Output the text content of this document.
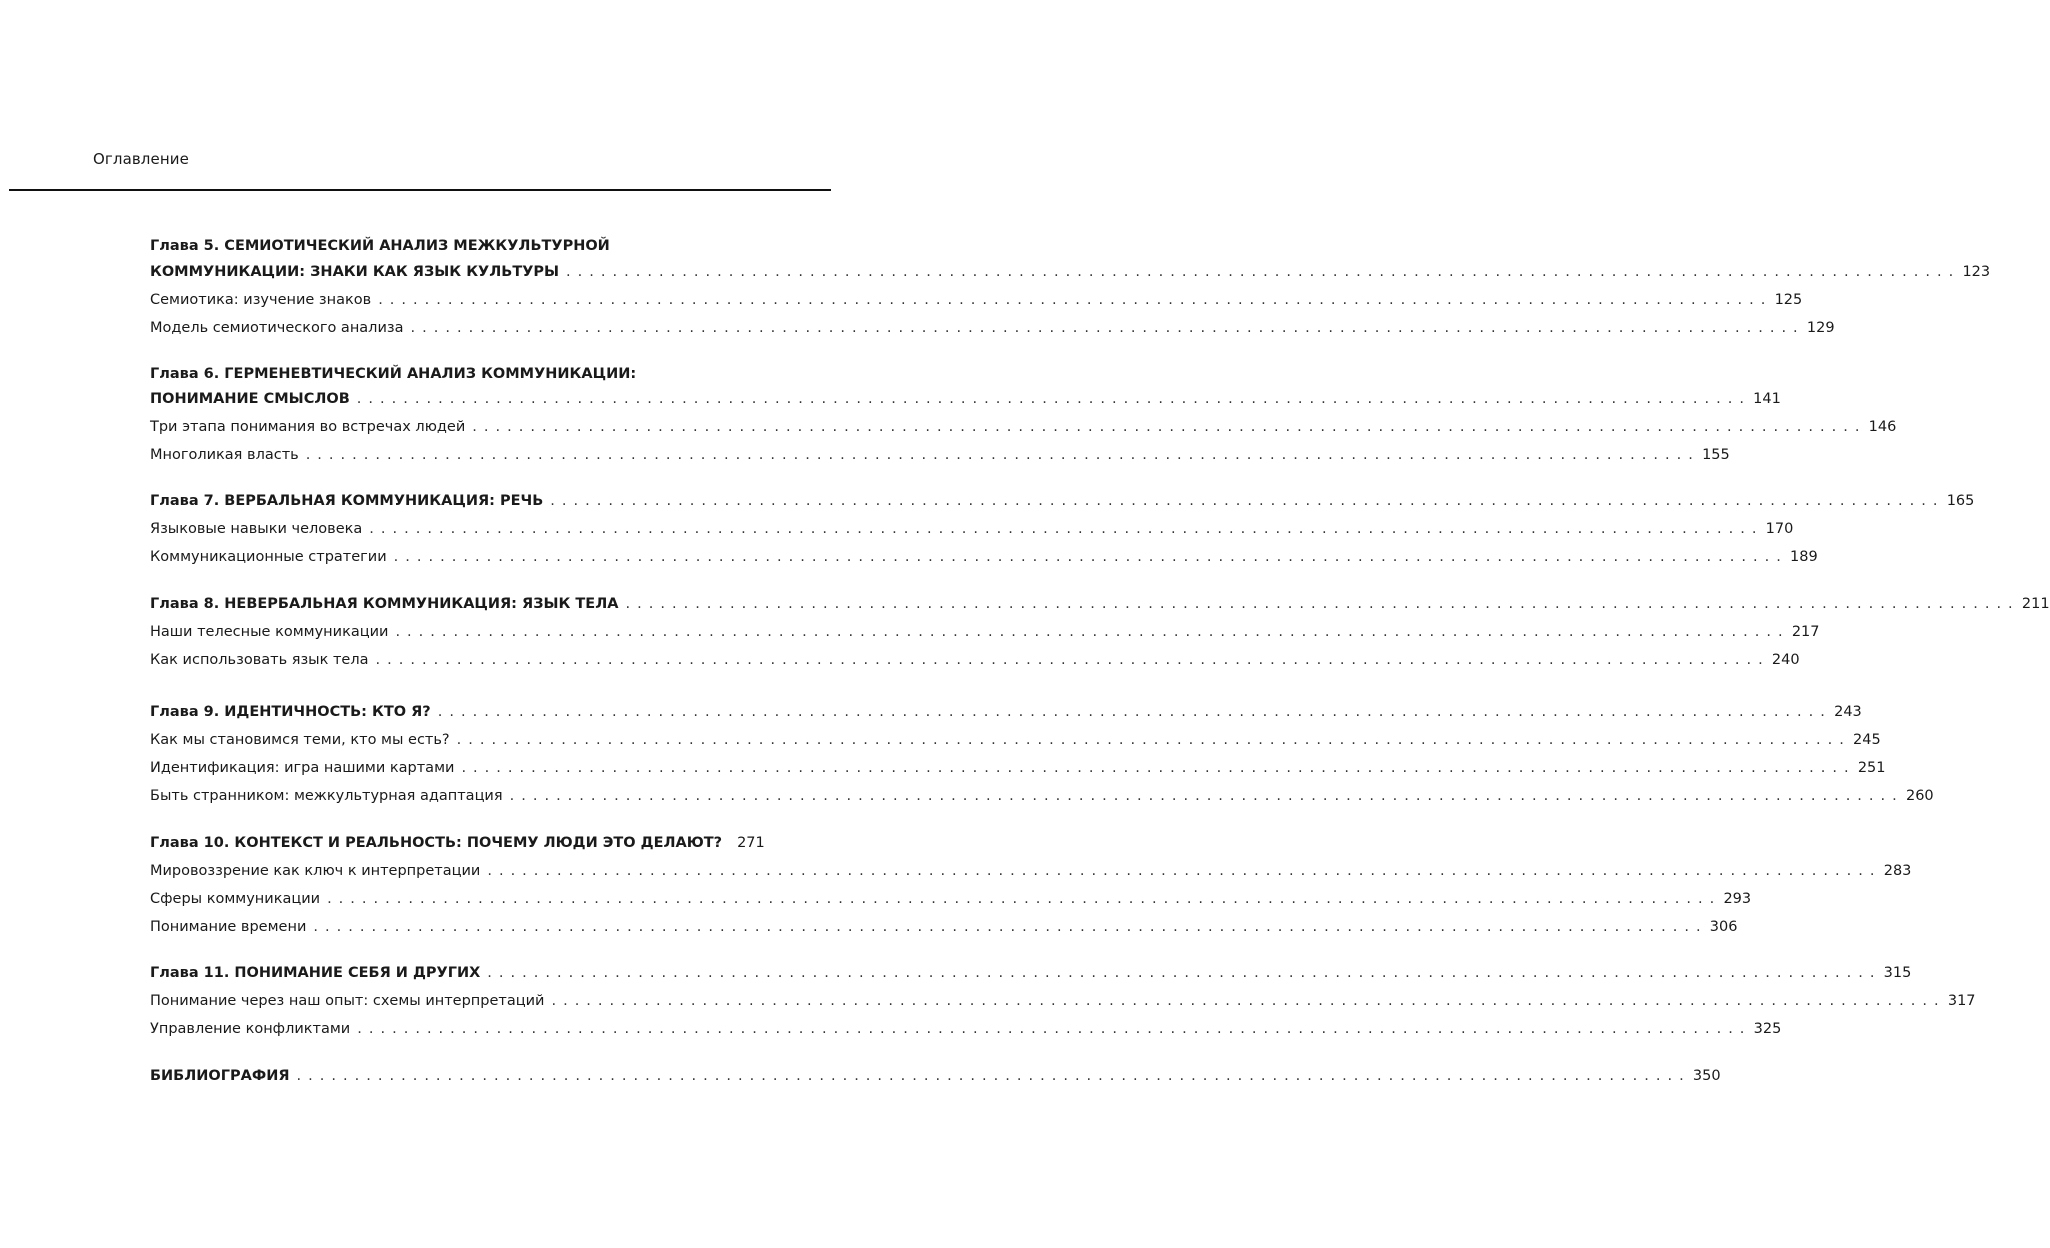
Оглавление
Глава 5. СЕМИОТИЧЕСКИЙ АНАЛИЗ МЕЖКУЛЬТУРНОЙ
КОММУНИКАЦИИ: ЗНАКИ КАК ЯЗЫК КУЛЬТУРЫ . . . . . . . . . . . . . . . . . . . . . . . . . . . . . . . . . . . . . . . . . . . . . . . . . . . . . . . . . . . . . . . . . . . . . . . . . . . . . . . . . . . . . . . . . . . . . . . . . . . . . . . . . . . . . . . . . . . . . . . . 123
Семиотика: изучение знаков . . . . . . . . . . . . . . . . . . . . . . . . . . . . . . . . . . . . . . . . . . . . . . . . . . . . . . . . . . . . . . . . . . . . . . . . . . . . . . . . . . . . . . . . . . . . . . . . . . . . . . . . . . . . . . . . . . . . . . . . 125
Модель семиотического анализа . . . . . . . . . . . . . . . . . . . . . . . . . . . . . . . . . . . . . . . . . . . . . . . . . . . . . . . . . . . . . . . . . . . . . . . . . . . . . . . . . . . . . . . . . . . . . . . . . . . . . . . . . . . . . . . . . . . . . . . . 129
Глава 6. ГЕРМЕНЕВТИЧЕСКИЙ АНАЛИЗ КОММУНИКАЦИИ:
ПОНИМАНИЕ СМЫСЛОВ . . . . . . . . . . . . . . . . . . . . . . . . . . . . . . . . . . . . . . . . . . . . . . . . . . . . . . . . . . . . . . . . . . . . . . . . . . . . . . . . . . . . . . . . . . . . . . . . . . . . . . . . . . . . . . . . . . . . . . . . 141
Три этапа понимания во встречах людей . . . . . . . . . . . . . . . . . . . . . . . . . . . . . . . . . . . . . . . . . . . . . . . . . . . . . . . . . . . . . . . . . . . . . . . . . . . . . . . . . . . . . . . . . . . . . . . . . . . . . . . . . . . . . . . . . . . . . . . . 146
Многоликая власть . . . . . . . . . . . . . . . . . . . . . . . . . . . . . . . . . . . . . . . . . . . . . . . . . . . . . . . . . . . . . . . . . . . . . . . . . . . . . . . . . . . . . . . . . . . . . . . . . . . . . . . . . . . . . . . . . . . . . . . . 155
Глава 7. ВЕРБАЛЬНАЯ КОММУНИКАЦИЯ: РЕЧЬ . . . . . . . . . . . . . . . . . . . . . . . . . . . . . . . . . . . . . . . . . . . . . . . . . . . . . . . . . . . . . . . . . . . . . . . . . . . . . . . . . . . . . . . . . . . . . . . . . . . . . . . . . . . . . . . . . . . . . . . . 165
Языковые навыки человека . . . . . . . . . . . . . . . . . . . . . . . . . . . . . . . . . . . . . . . . . . . . . . . . . . . . . . . . . . . . . . . . . . . . . . . . . . . . . . . . . . . . . . . . . . . . . . . . . . . . . . . . . . . . . . . . . . . . . . . . 170
Коммуникационные стратегии . . . . . . . . . . . . . . . . . . . . . . . . . . . . . . . . . . . . . . . . . . . . . . . . . . . . . . . . . . . . . . . . . . . . . . . . . . . . . . . . . . . . . . . . . . . . . . . . . . . . . . . . . . . . . . . . . . . . . . . . 189
Глава 8. НЕВЕРБАЛЬНАЯ КОММУНИКАЦИЯ: ЯЗЫК ТЕЛА . . . . . . . . . . . . . . . . . . . . . . . . . . . . . . . . . . . . . . . . . . . . . . . . . . . . . . . . . . . . . . . . . . . . . . . . . . . . . . . . . . . . . . . . . . . . . . . . . . . . . . . . . . . . . . . . . . . . . . . . 211
Наши телесные коммуникации . . . . . . . . . . . . . . . . . . . . . . . . . . . . . . . . . . . . . . . . . . . . . . . . . . . . . . . . . . . . . . . . . . . . . . . . . . . . . . . . . . . . . . . . . . . . . . . . . . . . . . . . . . . . . . . . . . . . . . . . 217
Как использовать язык тела . . . . . . . . . . . . . . . . . . . . . . . . . . . . . . . . . . . . . . . . . . . . . . . . . . . . . . . . . . . . . . . . . . . . . . . . . . . . . . . . . . . . . . . . . . . . . . . . . . . . . . . . . . . . . . . . . . . . . . . . 240
Глава 9. ИДЕНТИЧНОСТЬ: КТО Я? . . . . . . . . . . . . . . . . . . . . . . . . . . . . . . . . . . . . . . . . . . . . . . . . . . . . . . . . . . . . . . . . . . . . . . . . . . . . . . . . . . . . . . . . . . . . . . . . . . . . . . . . . . . . . . . . . . . . . . . . 243
Как мы становимся теми, кто мы есть? . . . . . . . . . . . . . . . . . . . . . . . . . . . . . . . . . . . . . . . . . . . . . . . . . . . . . . . . . . . . . . . . . . . . . . . . . . . . . . . . . . . . . . . . . . . . . . . . . . . . . . . . . . . . . . . . . . . . . . . . 245
Идентификация: игра нашими картами . . . . . . . . . . . . . . . . . . . . . . . . . . . . . . . . . . . . . . . . . . . . . . . . . . . . . . . . . . . . . . . . . . . . . . . . . . . . . . . . . . . . . . . . . . . . . . . . . . . . . . . . . . . . . . . . . . . . . . . . 251
Быть странником: межкультурная адаптация . . . . . . . . . . . . . . . . . . . . . . . . . . . . . . . . . . . . . . . . . . . . . . . . . . . . . . . . . . . . . . . . . . . . . . . . . . . . . . . . . . . . . . . . . . . . . . . . . . . . . . . . . . . . . . . . . . . . . . . . 260
Глава 10. КОНТЕКСТ И РЕАЛЬНОСТЬ: ПОЧЕМУ ЛЮДИ ЭТО ДЕЛАЮТ? 271
Мировоззрение как ключ к интерпретации . . . . . . . . . . . . . . . . . . . . . . . . . . . . . . . . . . . . . . . . . . . . . . . . . . . . . . . . . . . . . . . . . . . . . . . . . . . . . . . . . . . . . . . . . . . . . . . . . . . . . . . . . . . . . . . . . . . . . . . . 283
Сферы коммуникации . . . . . . . . . . . . . . . . . . . . . . . . . . . . . . . . . . . . . . . . . . . . . . . . . . . . . . . . . . . . . . . . . . . . . . . . . . . . . . . . . . . . . . . . . . . . . . . . . . . . . . . . . . . . . . . . . . . . . . . . 293
Понимание времени . . . . . . . . . . . . . . . . . . . . . . . . . . . . . . . . . . . . . . . . . . . . . . . . . . . . . . . . . . . . . . . . . . . . . . . . . . . . . . . . . . . . . . . . . . . . . . . . . . . . . . . . . . . . . . . . . . . . . . . . 306
Глава 11. ПОНИМАНИЕ СЕБЯ И ДРУГИХ . . . . . . . . . . . . . . . . . . . . . . . . . . . . . . . . . . . . . . . . . . . . . . . . . . . . . . . . . . . . . . . . . . . . . . . . . . . . . . . . . . . . . . . . . . . . . . . . . . . . . . . . . . . . . . . . . . . . . . . . 315
Понимание через наш опыт: схемы интерпретаций . . . . . . . . . . . . . . . . . . . . . . . . . . . . . . . . . . . . . . . . . . . . . . . . . . . . . . . . . . . . . . . . . . . . . . . . . . . . . . . . . . . . . . . . . . . . . . . . . . . . . . . . . . . . . . . . . . . . . . . . 317
Управление конфликтами . . . . . . . . . . . . . . . . . . . . . . . . . . . . . . . . . . . . . . . . . . . . . . . . . . . . . . . . . . . . . . . . . . . . . . . . . . . . . . . . . . . . . . . . . . . . . . . . . . . . . . . . . . . . . . . . . . . . . . . . 325
БИБЛИОГРАФИЯ . . . . . . . . . . . . . . . . . . . . . . . . . . . . . . . . . . . . . . . . . . . . . . . . . . . . . . . . . . . . . . . . . . . . . . . . . . . . . . . . . . . . . . . . . . . . . . . . . . . . . . . . . . . . . . . . . . . . . . . . 350
